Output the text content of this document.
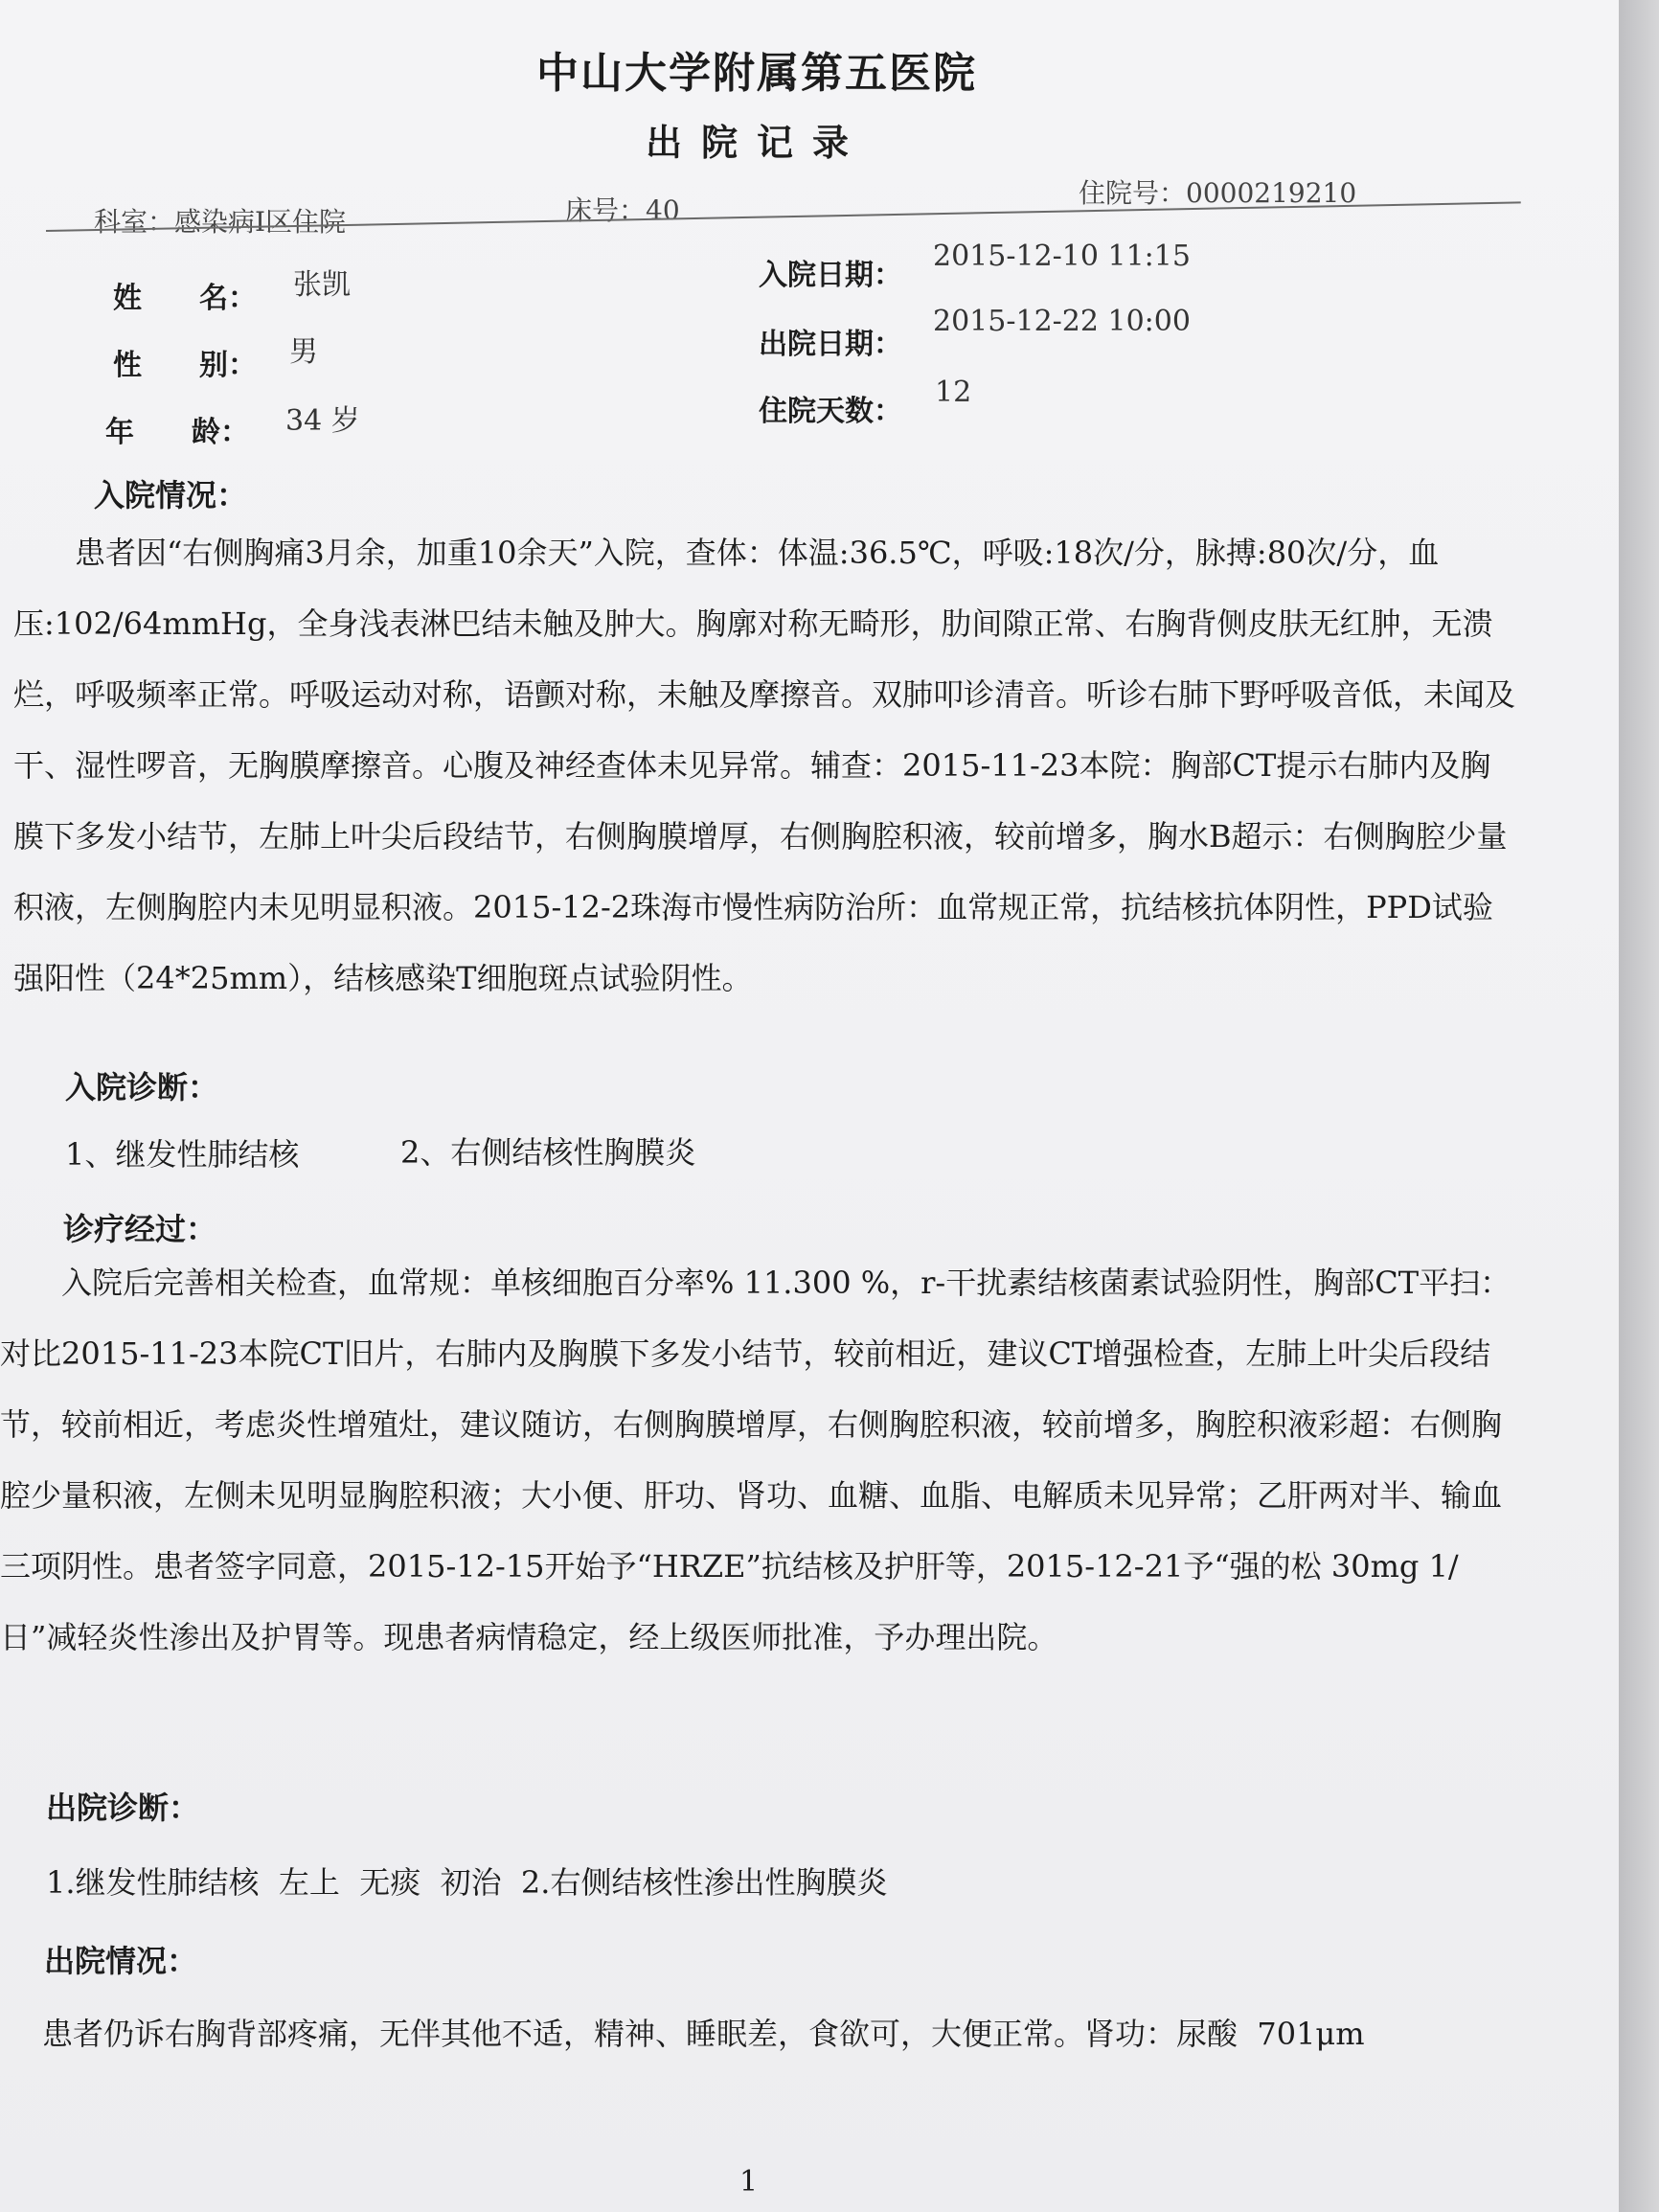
中山大学附属第五医院
出院记录
科室：感染病Ⅰ区住院	床号：40
住院号：0000219210
姓　　名： 张凯
性　　别： 男
年　　龄： 34 岁
入院日期：
2015-12-10 11:15
出院日期：
2015-12-22 10:00
住院天数：
12
入院情况：

患者因“右侧胸痛3月余，加重10余天”入院，查体：体温:36.5℃，呼吸:18次/分，脉搏:80次/分，血压:102/64mmHg，全身浅表淋巴结未触及肿大。胸廓对称无畸形，肋间隙正常、右胸背侧皮肤无红肿，无溃烂，呼吸频率正常。呼吸运动对称，语颤对称，未触及摩擦音。双肺叩诊清音。听诊右肺下野呼吸音低，未闻及干、湿性啰音，无胸膜摩擦音。心腹及神经查体未见异常。辅查：2015-11-23本院：胸部CT提示右肺内及胸膜下多发小结节，左肺上叶尖后段结节，右侧胸膜增厚，右侧胸腔积液，较前增多，胸水B超示：右侧胸腔少量积液，左侧胸腔内未见明显积液。2015-12-2珠海市慢性病防治所：血常规正常，抗结核抗体阴性，PPD试验强阳性（24*25mm），结核感染T细胞斑点试验阴性。

入院诊断：
1、继发性肺结核	2、右侧结核性胸膜炎
诊疗经过：

入院后完善相关检查，血常规：单核细胞百分率% 11.300 %，r-干扰素结核菌素试验阴性，胸部CT平扫：对比2015-11-23本院CT旧片，右肺内及胸膜下多发小结节，较前相近，建议CT增强检查，左肺上叶尖后段结节，较前相近，考虑炎性增殖灶，建议随访，右侧胸膜增厚，右侧胸腔积液，较前增多，胸腔积液彩超：右侧胸腔少量积液，左侧未见明显胸腔积液；大小便、肝功、肾功、血糖、血脂、电解质未见异常；乙肝两对半、输血三项阴性。患者签字同意，2015-12-15开始予“HRZE”抗结核及护肝等，2015-12-21予“强的松 30mg 1/日”减轻炎性渗出及护胃等。现患者病情稳定，经上级医师批准，予办理出院。

出院诊断：
1.继发性肺结核  左上  无痰  初治  2.右侧结核性渗出性胸膜炎
出院情况：
患者仍诉右胸背部疼痛，无伴其他不适，精神、睡眠差，食欲可，大便正常。肾功：尿酸  701μm
1
